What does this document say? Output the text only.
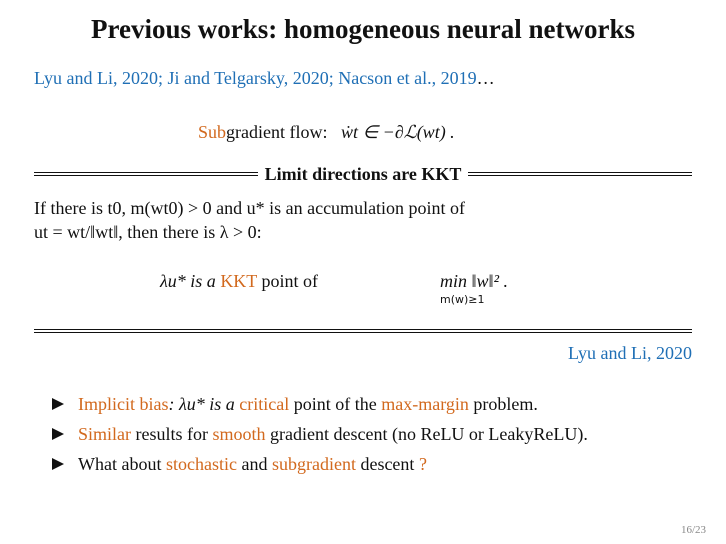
Previous works: homogeneous neural networks
Lyu and Li, 2020; Ji and Telgarsky, 2020; Nacson et al., 2019…
Subgradient flow: ẇt ∈ −∂ℒ(wt) .
Limit directions are KKT
If there is t0, m(wt0) > 0 and u* is an accumulation point of
ut = wt/‖wt‖, then there is λ > 0:
λu* is a KKT point of	min ‖w‖² .
m(w)≥1
Lyu and Li, 2020
Implicit bias: λu* is a critical point of the max-margin problem.
Similar results for smooth gradient descent (no ReLU or LeakyReLU).
What about stochastic and subgradient descent ?
16/23
